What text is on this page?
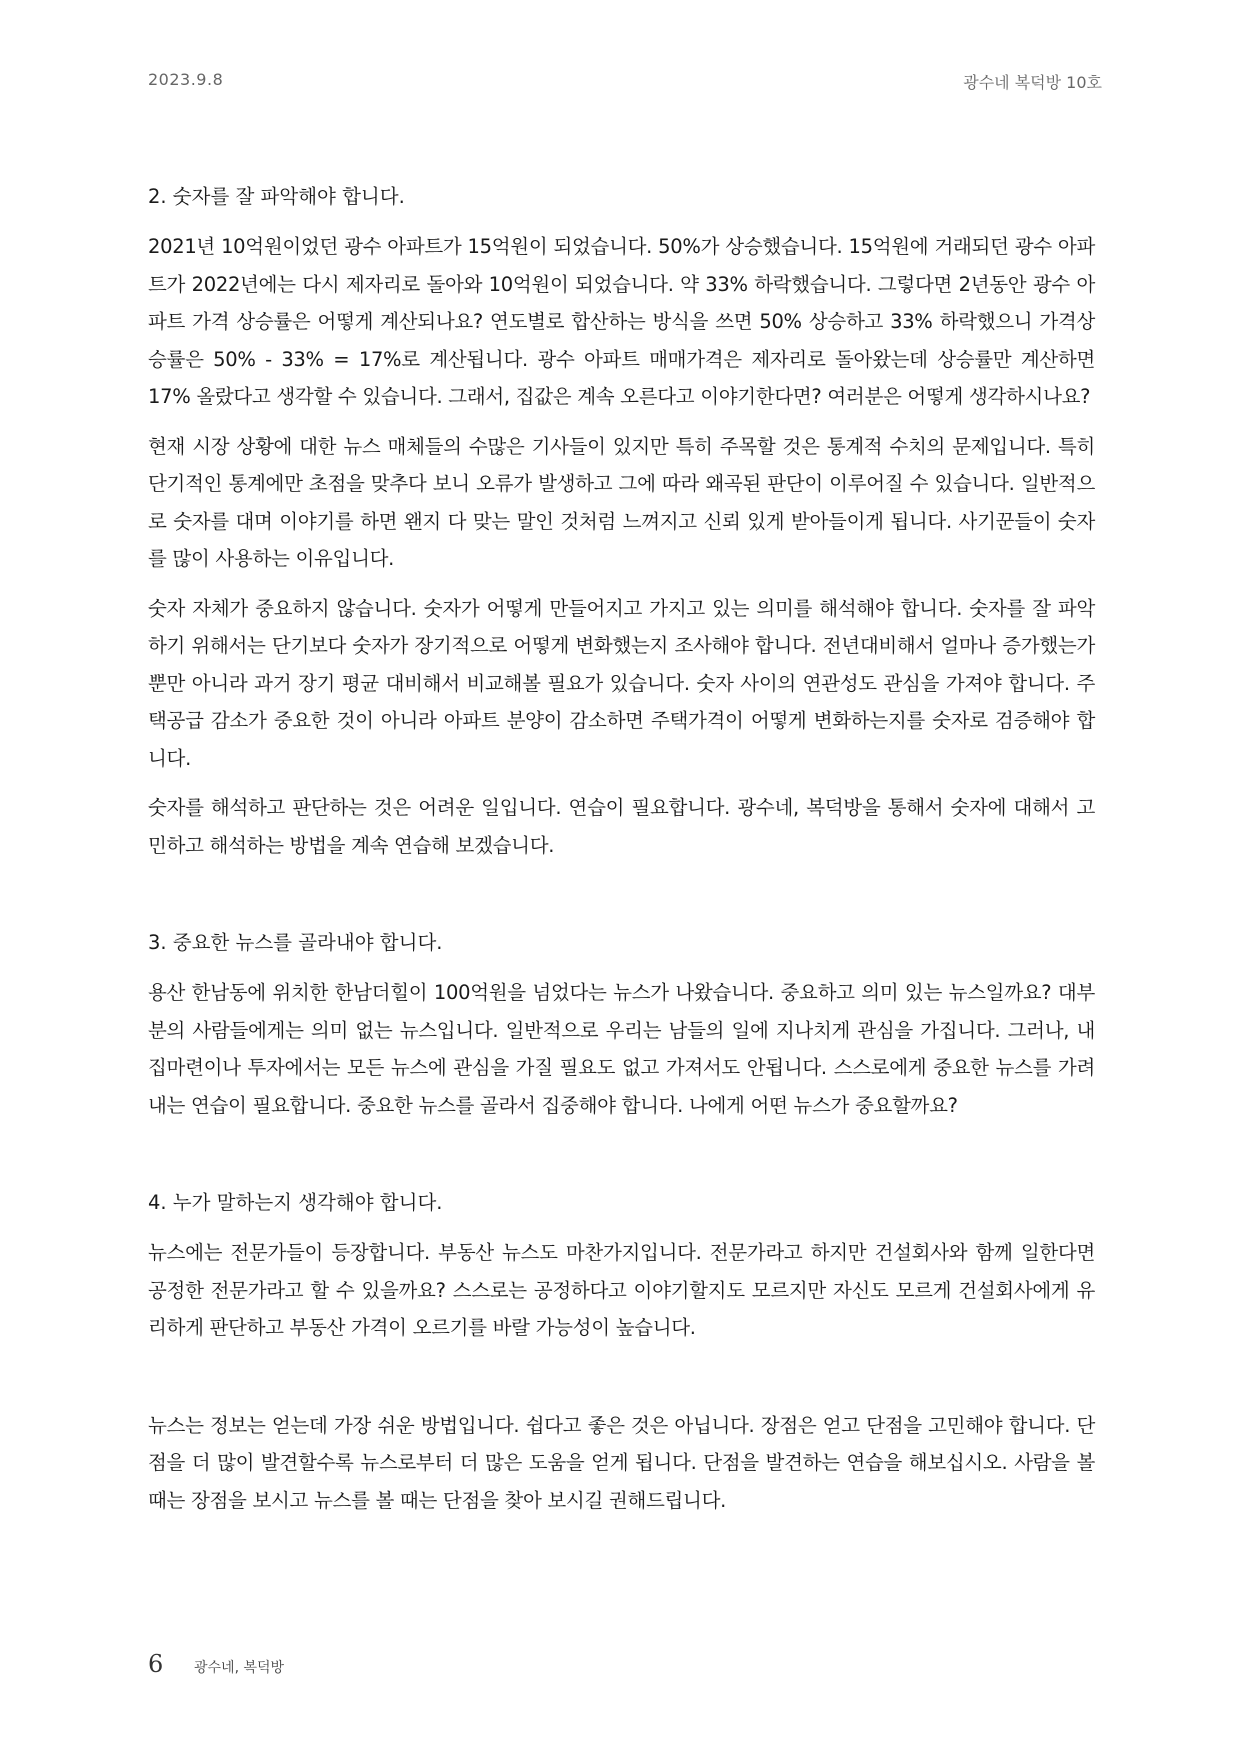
2023.9.8	광수네 복덕방 10호
2. 숫자를 잘 파악해야 합니다.

2021년 10억원이었던 광수 아파트가 15억원이 되었습니다. 50%가 상승했습니다. 15억원에 거래되던 광수 아파트가 2022년에는 다시 제자리로 돌아와 10억원이 되었습니다. 약 33% 하락했습니다. 그렇다면 2년동안 광수 아파트 가격 상승률은 어떻게 계산되나요? 연도별로 합산하는 방식을 쓰면 50% 상승하고 33% 하락했으니 가격상승률은 50% - 33% = 17%로 계산됩니다. 광수 아파트 매매가격은 제자리로 돌아왔는데 상승률만 계산하면 17% 올랐다고 생각할 수 있습니다. 그래서, 집값은 계속 오른다고 이야기한다면? 여러분은 어떻게 생각하시나요?

현재 시장 상황에 대한 뉴스 매체들의 수많은 기사들이 있지만 특히 주목할 것은 통계적 수치의 문제입니다. 특히 단기적인 통계에만 초점을 맞추다 보니 오류가 발생하고 그에 따라 왜곡된 판단이 이루어질 수 있습니다. 일반적으로 숫자를 대며 이야기를 하면 왠지 다 맞는 말인 것처럼 느껴지고 신뢰 있게 받아들이게 됩니다. 사기꾼들이 숫자를 많이 사용하는 이유입니다.

숫자 자체가 중요하지 않습니다. 숫자가 어떻게 만들어지고 가지고 있는 의미를 해석해야 합니다. 숫자를 잘 파악하기 위해서는 단기보다 숫자가 장기적으로 어떻게 변화했는지 조사해야 합니다. 전년대비해서 얼마나 증가했는가 뿐만 아니라 과거 장기 평균 대비해서 비교해볼 필요가 있습니다. 숫자 사이의 연관성도 관심을 가져야 합니다. 주택공급 감소가 중요한 것이 아니라 아파트 분양이 감소하면 주택가격이 어떻게 변화하는지를 숫자로 검증해야 합니다.

숫자를 해석하고 판단하는 것은 어려운 일입니다. 연습이 필요합니다. 광수네, 복덕방을 통해서 숫자에 대해서 고민하고 해석하는 방법을 계속 연습해 보겠습니다.

3. 중요한 뉴스를 골라내야 합니다.

용산 한남동에 위치한 한남더힐이 100억원을 넘었다는 뉴스가 나왔습니다. 중요하고 의미 있는 뉴스일까요? 대부분의 사람들에게는 의미 없는 뉴스입니다. 일반적으로 우리는 남들의 일에 지나치게 관심을 가집니다. 그러나, 내 집마련이나 투자에서는 모든 뉴스에 관심을 가질 필요도 없고 가져서도 안됩니다. 스스로에게 중요한 뉴스를 가려내는 연습이 필요합니다. 중요한 뉴스를 골라서 집중해야 합니다. 나에게 어떤 뉴스가 중요할까요?

4. 누가 말하는지 생각해야 합니다.

뉴스에는 전문가들이 등장합니다. 부동산 뉴스도 마찬가지입니다. 전문가라고 하지만 건설회사와 함께 일한다면 공정한 전문가라고 할 수 있을까요? 스스로는 공정하다고 이야기할지도 모르지만 자신도 모르게 건설회사에게 유리하게 판단하고 부동산 가격이 오르기를 바랄 가능성이 높습니다.

뉴스는 정보는 얻는데 가장 쉬운 방법입니다. 쉽다고 좋은 것은 아닙니다. 장점은 얻고 단점을 고민해야 합니다. 단점을 더 많이 발견할수록 뉴스로부터 더 많은 도움을 얻게 됩니다. 단점을 발견하는 연습을 해보십시오. 사람을 볼 때는 장점을 보시고 뉴스를 볼 때는 단점을 찾아 보시길 권해드립니다.

6 광수네, 복덕방
